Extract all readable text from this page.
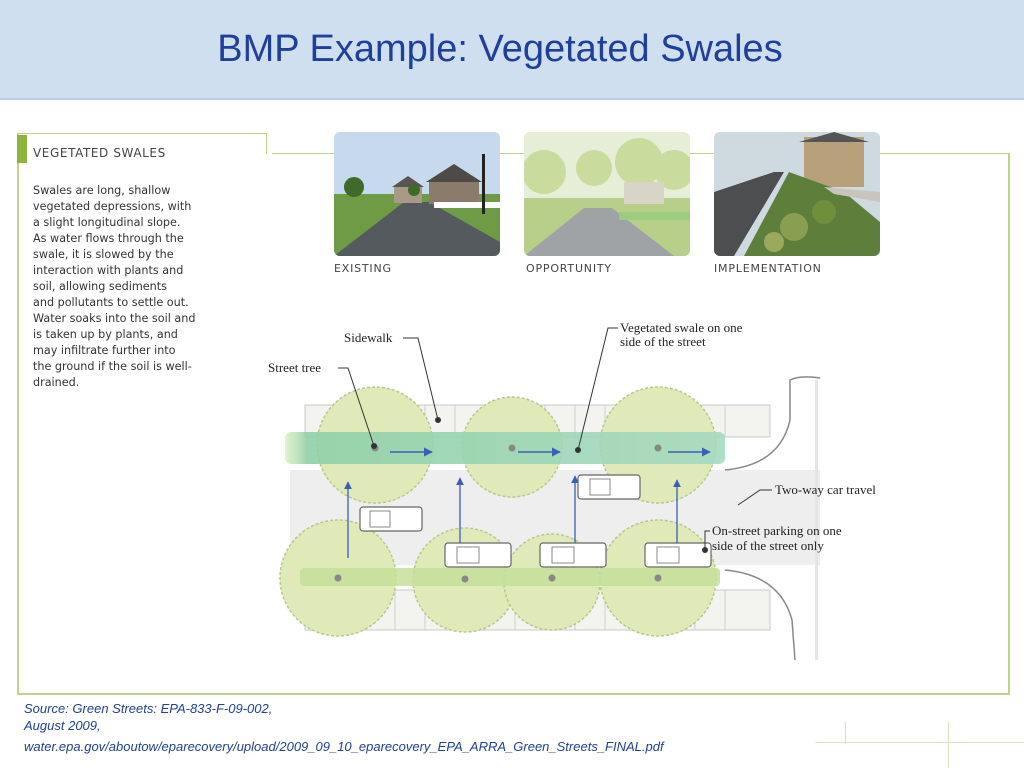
BMP Example: Vegetated Swales
VEGETATED SWALES
Swales are long, shallow
vegetated depressions, with
a slight longitudinal slope.
As water flows through the
swale, it is slowed by the
interaction with plants and
soil, allowing sediments
and pollutants to settle out.
Water soaks into the soil and
is taken up by plants, and
may infiltrate further into
the ground if the soil is well-
drained.
EXISTING	OPPORTUNITY	IMPLEMENTATION
Sidewalk
Street tree
Vegetated swale on one
side of the street
Two-way car travel
On-street parking on one
side of the street only
Source: Green Streets: EPA-833-F-09-002,
August 2009,
water.epa.gov/aboutow/eparecovery/upload/2009_09_10_eparecovery_EPA_ARRA_Green_Streets_FINAL.pdf
